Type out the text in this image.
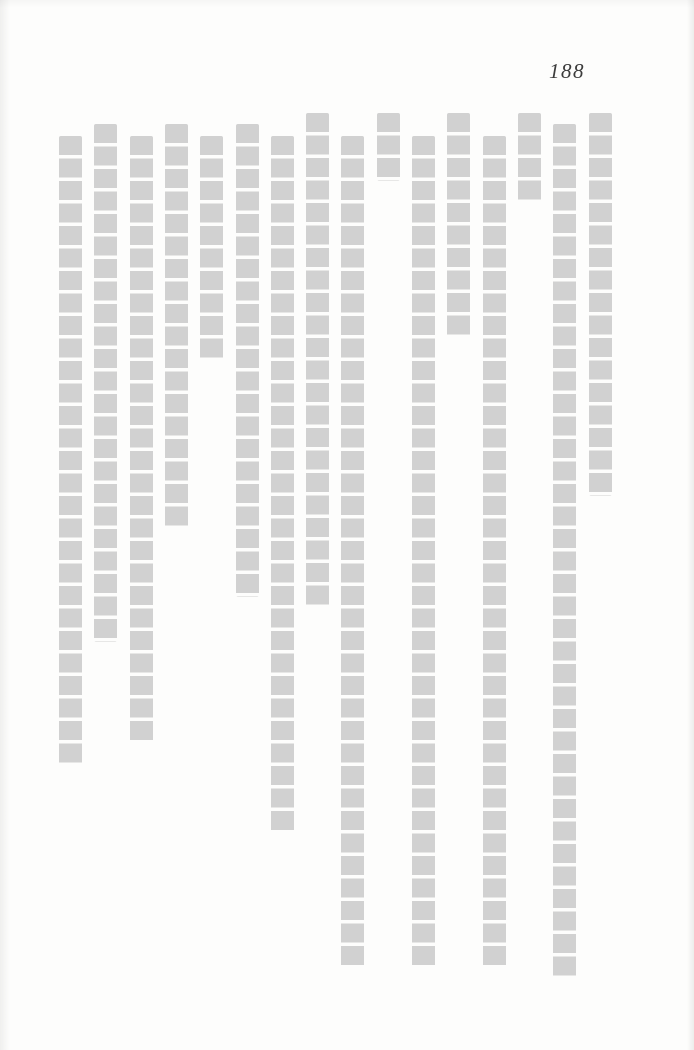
188
